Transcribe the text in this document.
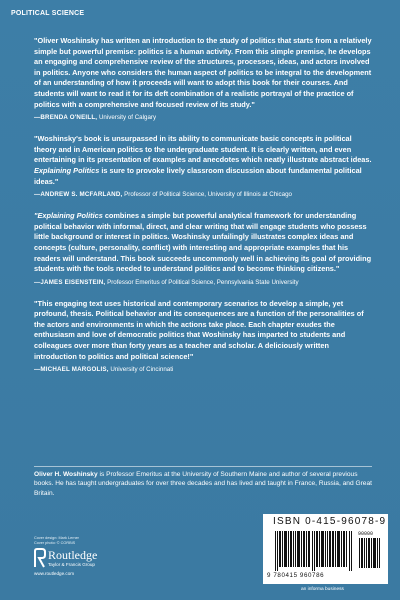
POLITICAL SCIENCE

"Oliver Woshinsky has written an introduction to the study of politics that starts from a relatively simple but powerful premise: politics is a human activity. From this simple premise, he develops an engaging and comprehensive review of the structures, processes, ideas, and actors involved in politics. Anyone who considers the human aspect of politics to be integral to the development of an understanding of how it proceeds will want to adopt this book for their courses. And students will want to read it for its deft combination of a realistic portrayal of the practice of politics with a comprehensive and focused review of its study."

—BRENDA O'NEILL, University of Calgary

"Woshinsky's book is unsurpassed in its ability to communicate basic concepts in political theory and in American politics to the undergraduate student. It is clearly written, and even entertaining in its presentation of examples and anecdotes which neatly illustrate abstract ideas. Explaining Politics is sure to provoke lively classroom discussion about fundamental political ideas."

—ANDREW S. MCFARLAND, Professor of Political Science, University of Illinois at Chicago

"Explaining Politics combines a simple but powerful analytical framework for understanding political behavior with informal, direct, and clear writing that will engage students who possess little background or interest in politics. Woshinsky unfailingly illustrates complex ideas and concepts (culture, personality, conflict) with interesting and appropriate examples that his readers will understand. This book succeeds uncommonly well in achieving its goal of providing students with the tools needed to understand politics and to become thinking citizens."

—JAMES EISENSTEIN, Professor Emeritus of Political Science, Pennsylvania State University

"This engaging text uses historical and contemporary scenarios to develop a simple, yet profound, thesis. Political behavior and its consequences are a function of the personalities of the actors and environments in which the actions take place. Each chapter exudes the enthusiasm and love of democratic politics that Woshinsky has imparted to students and colleagues over more than forty years as a teacher and scholar. A deliciously written introduction to politics and political science!"

—MICHAEL MARGOLIS, University of Cincinnati

Oliver H. Woshinsky is Professor Emeritus at the University of Southern Maine and author of several previous books. He has taught undergraduates for over three decades and has lived and taught in France, Russia, and Great Britain.

Cover design: Mark Lerner
Cover photo: © CORBIS
Routledge
Taylor & Francis Group
www.routledge.com
ISBN 0-415-96078-9
90000
9 780415 960786
an informa business
